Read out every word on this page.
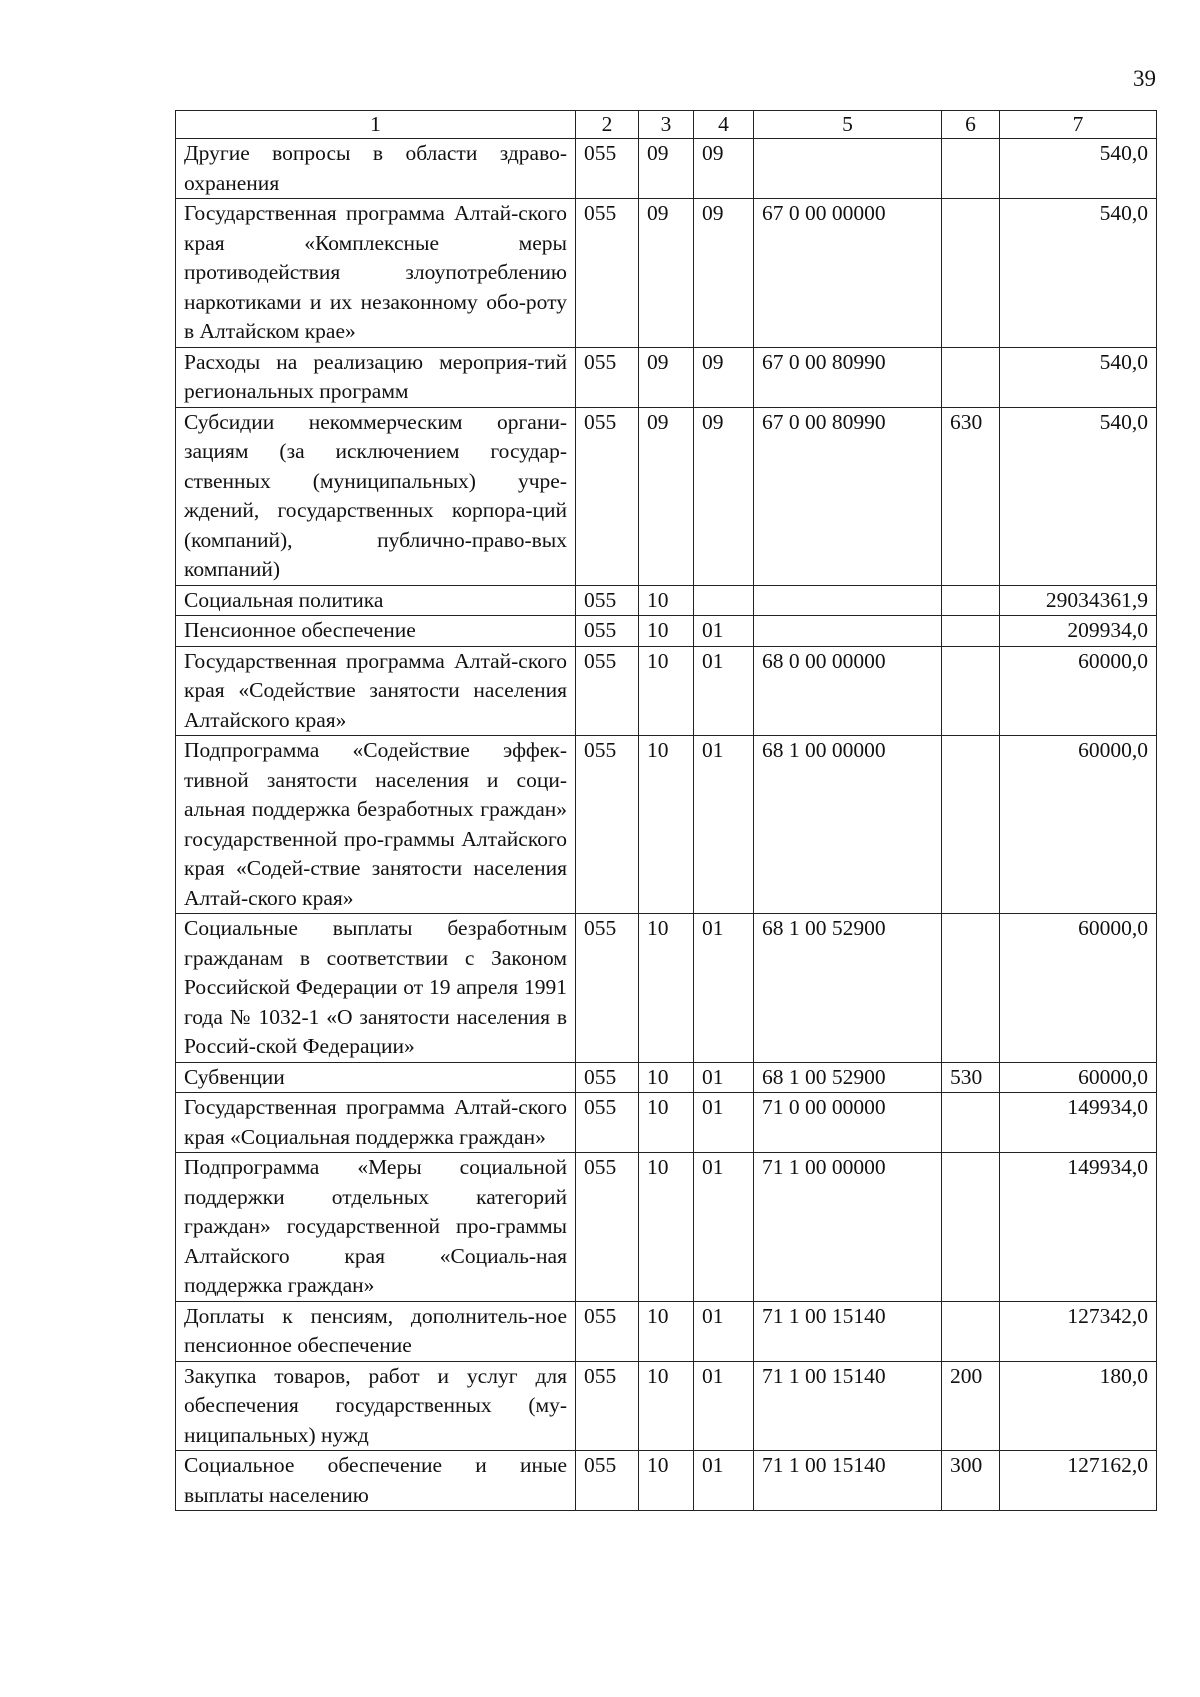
39
1	2	3	4	5	6	7
Другие вопросы в области здраво-охранения	055	09	09			540,0
Государственная программа Алтай-ского края «Комплексные меры противодействия злоупотреблению наркотиками и их незаконному обо-роту в Алтайском крае»	055	09	09	67 0 00 00000		540,0
Расходы на реализацию мероприя-тий региональных программ	055	09	09	67 0 00 80990		540,0
Субсидии некоммерческим органи-зациям (за исключением государ-ственных (муниципальных) учре-ждений, государственных корпора-ций (компаний), публично-право-вых компаний)	055	09	09	67 0 00 80990	630	540,0
Социальная политика	055	10				29034361,9
Пенсионное обеспечение	055	10	01			209934,0
Государственная программа Алтай-ского края «Содействие занятости населения Алтайского края»	055	10	01	68 0 00 00000		60000,0
Подпрограмма «Содействие эффек-тивной занятости населения и соци-альная поддержка безработных граждан» государственной про-граммы Алтайского края «Содей-ствие занятости населения Алтай-ского края»	055	10	01	68 1 00 00000		60000,0
Социальные выплаты безработным гражданам в соответствии с Законом Российской Федерации от 19 апреля 1991 года № 1032-1 «О занятости населения в Россий-ской Федерации»	055	10	01	68 1 00 52900		60000,0
Субвенции	055	10	01	68 1 00 52900	530	60000,0
Государственная программа Алтай-ского края «Социальная поддержка граждан»	055	10	01	71 0 00 00000		149934,0
Подпрограмма «Меры социальной поддержки отдельных категорий граждан» государственной про-граммы Алтайского края «Социаль-ная поддержка граждан»	055	10	01	71 1 00 00000		149934,0
Доплаты к пенсиям, дополнитель-ное пенсионное обеспечение	055	10	01	71 1 00 15140		127342,0
Закупка товаров, работ и услуг для обеспечения государственных (му-ниципальных) нужд	055	10	01	71 1 00 15140	200	180,0
Социальное обеспечение и иные выплаты населению	055	10	01	71 1 00 15140	300	127162,0
